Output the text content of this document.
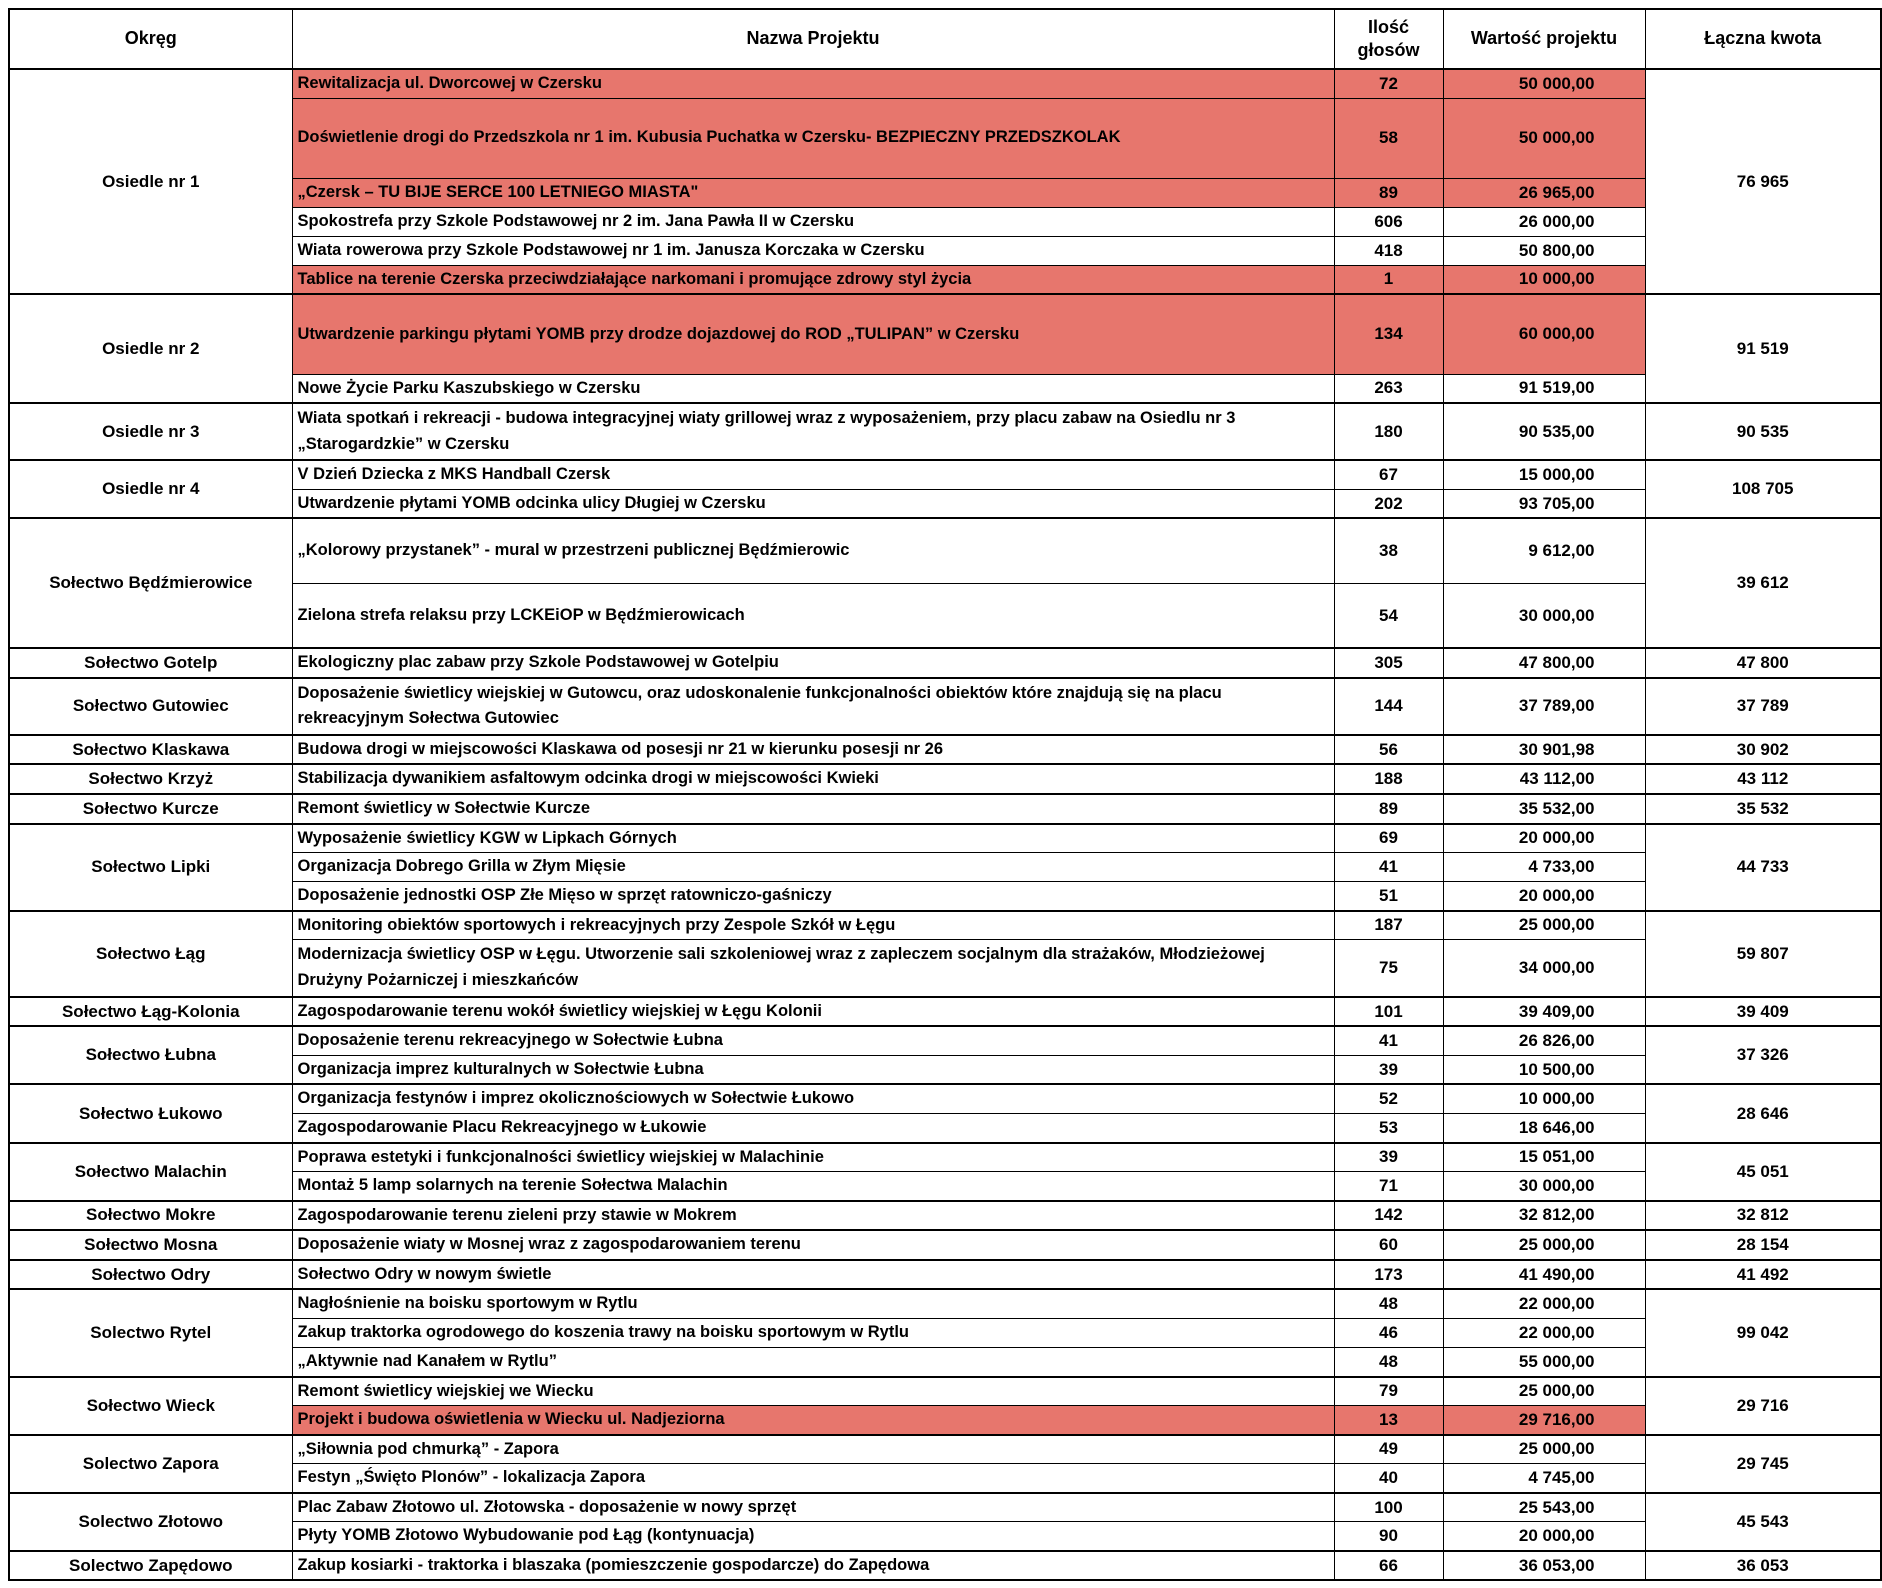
Okręg	Nazwa Projektu	Ilość głosów	Wartość projektu	Łączna kwota
Osiedle nr 1	Rewitalizacja ul. Dworcowej w Czersku	72	50 000,00	76 965
	Doświetlenie drogi do Przedszkola nr 1 im. Kubusia Puchatka w Czersku- BEZPIECZNY PRZEDSZKOLAK	58	50 000,00	
	„Czersk – TU BIJE SERCE 100 LETNIEGO MIASTA"	89	26 965,00	
	Spokostrefa przy Szkole Podstawowej nr 2 im. Jana Pawła II w Czersku	606	26 000,00	
	Wiata rowerowa przy Szkole Podstawowej nr 1 im. Janusza Korczaka w Czersku	418	50 800,00	
	Tablice na terenie Czerska przeciwdziałające narkomani i promujące zdrowy styl życia	1	10 000,00	
Osiedle nr 2	Utwardzenie parkingu płytami YOMB przy drodze dojazdowej do ROD „TULIPAN” w Czersku	134	60 000,00	91 519
	Nowe Życie Parku Kaszubskiego w Czersku	263	91 519,00	
Osiedle nr 3	Wiata spotkań i rekreacji - budowa integracyjnej wiaty grillowej wraz z wyposażeniem, przy placu zabaw na Osiedlu nr 3 „Starogardzkie” w Czersku	180	90 535,00	90 535
Osiedle nr 4	V Dzień Dziecka z MKS Handball Czersk	67	15 000,00	108 705
	Utwardzenie płytami YOMB odcinka ulicy Długiej w Czersku	202	93 705,00	
Sołectwo Będźmierowice	„Kolorowy przystanek” - mural w przestrzeni publicznej Będźmierowic	38	9 612,00	39 612
	Zielona strefa relaksu przy LCKEiOP w Będźmierowicach	54	30 000,00	
Sołectwo Gotelp	Ekologiczny plac zabaw przy Szkole Podstawowej w Gotelpiu	305	47 800,00	47 800
Sołectwo Gutowiec	Doposażenie świetlicy wiejskiej w Gutowcu, oraz udoskonalenie funkcjonalności obiektów które znajdują się na placu rekreacyjnym Sołectwa Gutowiec	144	37 789,00	37 789
Sołectwo Klaskawa	Budowa drogi w miejscowości Klaskawa od posesji nr 21 w kierunku posesji nr 26	56	30 901,98	30 902
Sołectwo Krzyż	Stabilizacja dywanikiem asfaltowym odcinka drogi w miejscowości Kwieki	188	43 112,00	43 112
Sołectwo Kurcze	Remont świetlicy w Sołectwie Kurcze	89	35 532,00	35 532
Sołectwo Lipki	Wyposażenie świetlicy KGW w Lipkach Górnych	69	20 000,00	44 733
	Organizacja Dobrego Grilla w Złym Mięsie	41	4 733,00	
	Doposażenie jednostki OSP Złe Mięso w sprzęt ratowniczo-gaśniczy	51	20 000,00	
Sołectwo Łąg	Monitoring obiektów sportowych i rekreacyjnych przy Zespole Szkół w Łęgu	187	25 000,00	59 807
	Modernizacja świetlicy OSP w Łęgu. Utworzenie sali szkoleniowej wraz z zapleczem socjalnym dla strażaków, Młodzieżowej Drużyny Pożarniczej i mieszkańców	75	34 000,00	
Sołectwo Łąg-Kolonia	Zagospodarowanie terenu wokół świetlicy wiejskiej w Łęgu Kolonii	101	39 409,00	39 409
Sołectwo Łubna	Doposażenie terenu rekreacyjnego w Sołectwie Łubna	41	26 826,00	37 326
	Organizacja imprez kulturalnych w Sołectwie Łubna	39	10 500,00	
Sołectwo Łukowo	Organizacja festynów i imprez okolicznościowych w Sołectwie Łukowo	52	10 000,00	28 646
	Zagospodarowanie Placu Rekreacyjnego w Łukowie	53	18 646,00	
Sołectwo Malachin	Poprawa estetyki i funkcjonalności świetlicy wiejskiej w Malachinie	39	15 051,00	45 051
	Montaż 5 lamp solarnych na terenie Sołectwa Malachin	71	30 000,00	
Sołectwo Mokre	Zagospodarowanie terenu zieleni przy stawie w Mokrem	142	32 812,00	32 812
Sołectwo Mosna	Doposażenie wiaty w Mosnej wraz z zagospodarowaniem terenu	60	25 000,00	28 154
Sołectwo Odry	Sołectwo Odry w nowym świetle	173	41 490,00	41 492
Solectwo Rytel	Nagłośnienie na boisku sportowym w Rytlu	48	22 000,00	99 042
	Zakup traktorka ogrodowego do koszenia trawy na boisku sportowym w Rytlu	46	22 000,00	
	„Aktywnie nad Kanałem w Rytlu”	48	55 000,00	
Sołectwo Wieck	Remont świetlicy wiejskiej we Wiecku	79	25 000,00	29 716
	Projekt i budowa oświetlenia w Wiecku ul. Nadjeziorna	13	29 716,00	
Solectwo Zapora	„Siłownia pod chmurką” - Zapora	49	25 000,00	29 745
	Festyn „Święto Plonów” - lokalizacja Zapora	40	4 745,00	
Solectwo Złotowo	Plac Zabaw Złotowo ul. Złotowska - doposażenie w nowy sprzęt	100	25 543,00	45 543
	Płyty YOMB Złotowo Wybudowanie pod Łąg (kontynuacja)	90	20 000,00	
Solectwo Zapędowo	Zakup kosiarki - traktorka i blaszaka (pomieszczenie gospodarcze) do Zapędowa	66	36 053,00	36 053
